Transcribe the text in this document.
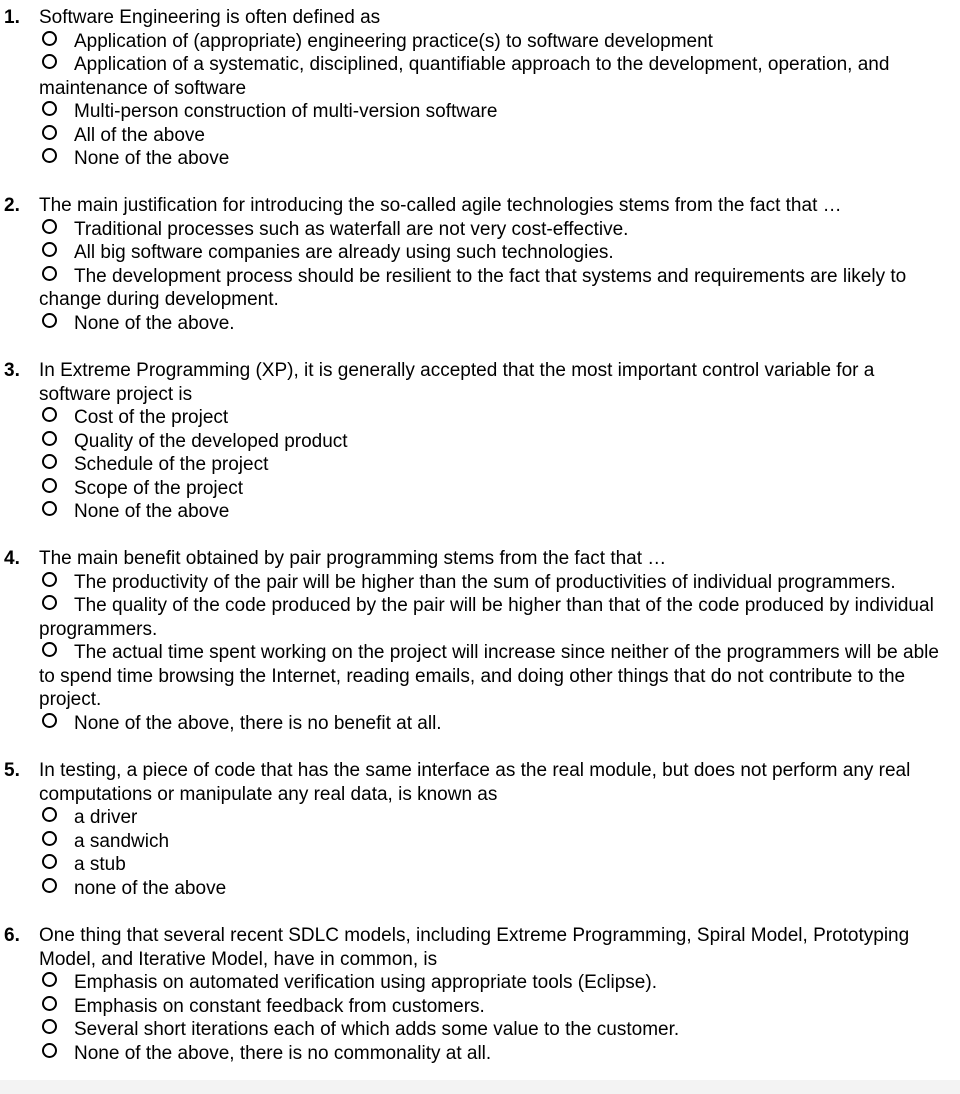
1. Software Engineering is often defined as
Application of (appropriate) engineering practice(s) to software development
Application of a systematic, disciplined, quantifiable approach to the development, operation, and maintenance of software
Multi-person construction of multi-version software
All of the above
None of the above
2. The main justification for introducing the so-called agile technologies stems from the fact that …
Traditional processes such as waterfall are not very cost-effective.
All big software companies are already using such technologies.
The development process should be resilient to the fact that systems and requirements are likely to change during development.
None of the above.
3. In Extreme Programming (XP), it is generally accepted that the most important control variable for a software project is
Cost of the project
Quality of the developed product
Schedule of the project
Scope of the project
None of the above
4. The main benefit obtained by pair programming stems from the fact that …
The productivity of the pair will be higher than the sum of productivities of individual programmers.
The quality of the code produced by the pair will be higher than that of the code produced by individual programmers.
The actual time spent working on the project will increase since neither of the programmers will be able to spend time browsing the Internet, reading emails, and doing other things that do not contribute to the project.
None of the above, there is no benefit at all.
5. In testing, a piece of code that has the same interface as the real module, but does not perform any real computations or manipulate any real data, is known as
a driver
a sandwich
a stub
none of the above
6. One thing that several recent SDLC models, including Extreme Programming, Spiral Model, Prototyping Model, and Iterative Model, have in common, is
Emphasis on automated verification using appropriate tools (Eclipse).
Emphasis on constant feedback from customers.
Several short iterations each of which adds some value to the customer.
None of the above, there is no commonality at all.
